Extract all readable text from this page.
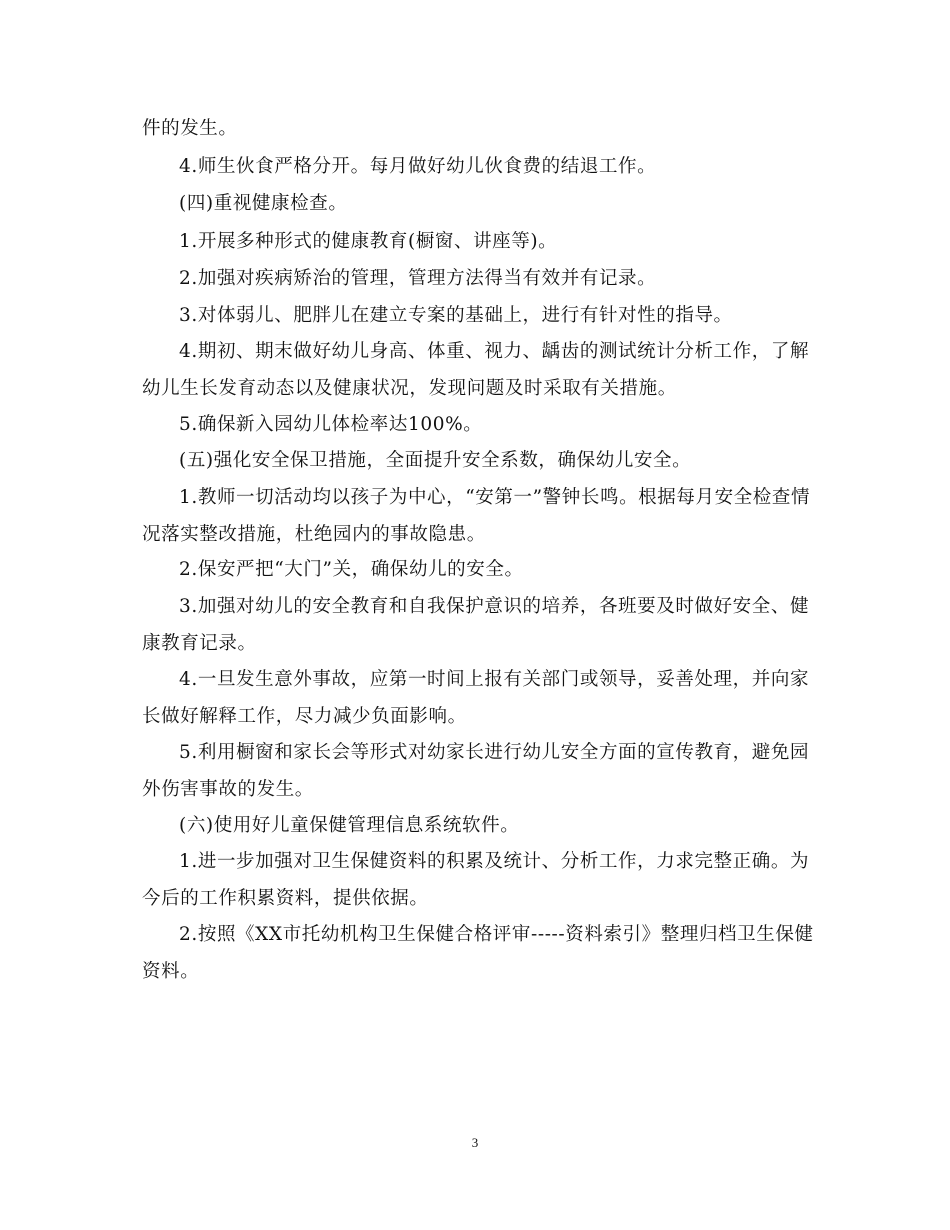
件的发生。

4.师生伙食严格分开。每月做好幼儿伙食费的结退工作。

(四)重视健康检查。

1.开展多种形式的健康教育(橱窗、讲座等)。

2.加强对疾病矫治的管理，管理方法得当有效并有记录。

3.对体弱儿、肥胖儿在建立专案的基础上，进行有针对性的指导。

4.期初、期末做好幼儿身高、体重、视力、龋齿的测试统计分析工作，了解幼儿生长发育动态以及健康状况，发现问题及时采取有关措施。

5.确保新入园幼儿体检率达100%。

(五)强化安全保卫措施，全面提升安全系数，确保幼儿安全。

1.教师一切活动均以孩子为中心，“安第一”警钟长鸣。根据每月安全检查情况落实整改措施，杜绝园内的事故隐患。

2.保安严把“大门”关，确保幼儿的安全。

3.加强对幼儿的安全教育和自我保护意识的培养，各班要及时做好安全、健康教育记录。

4.一旦发生意外事故，应第一时间上报有关部门或领导，妥善处理，并向家长做好解释工作，尽力减少负面影响。

5.利用橱窗和家长会等形式对幼家长进行幼儿安全方面的宣传教育，避免园外伤害事故的发生。

(六)使用好儿童保健管理信息系统软件。

1.进一步加强对卫生保健资料的积累及统计、分析工作，力求完整正确。为今后的工作积累资料，提供依据。

2.按照《XX市托幼机构卫生保健合格评审-----资料索引》整理归档卫生保健资料。

3
